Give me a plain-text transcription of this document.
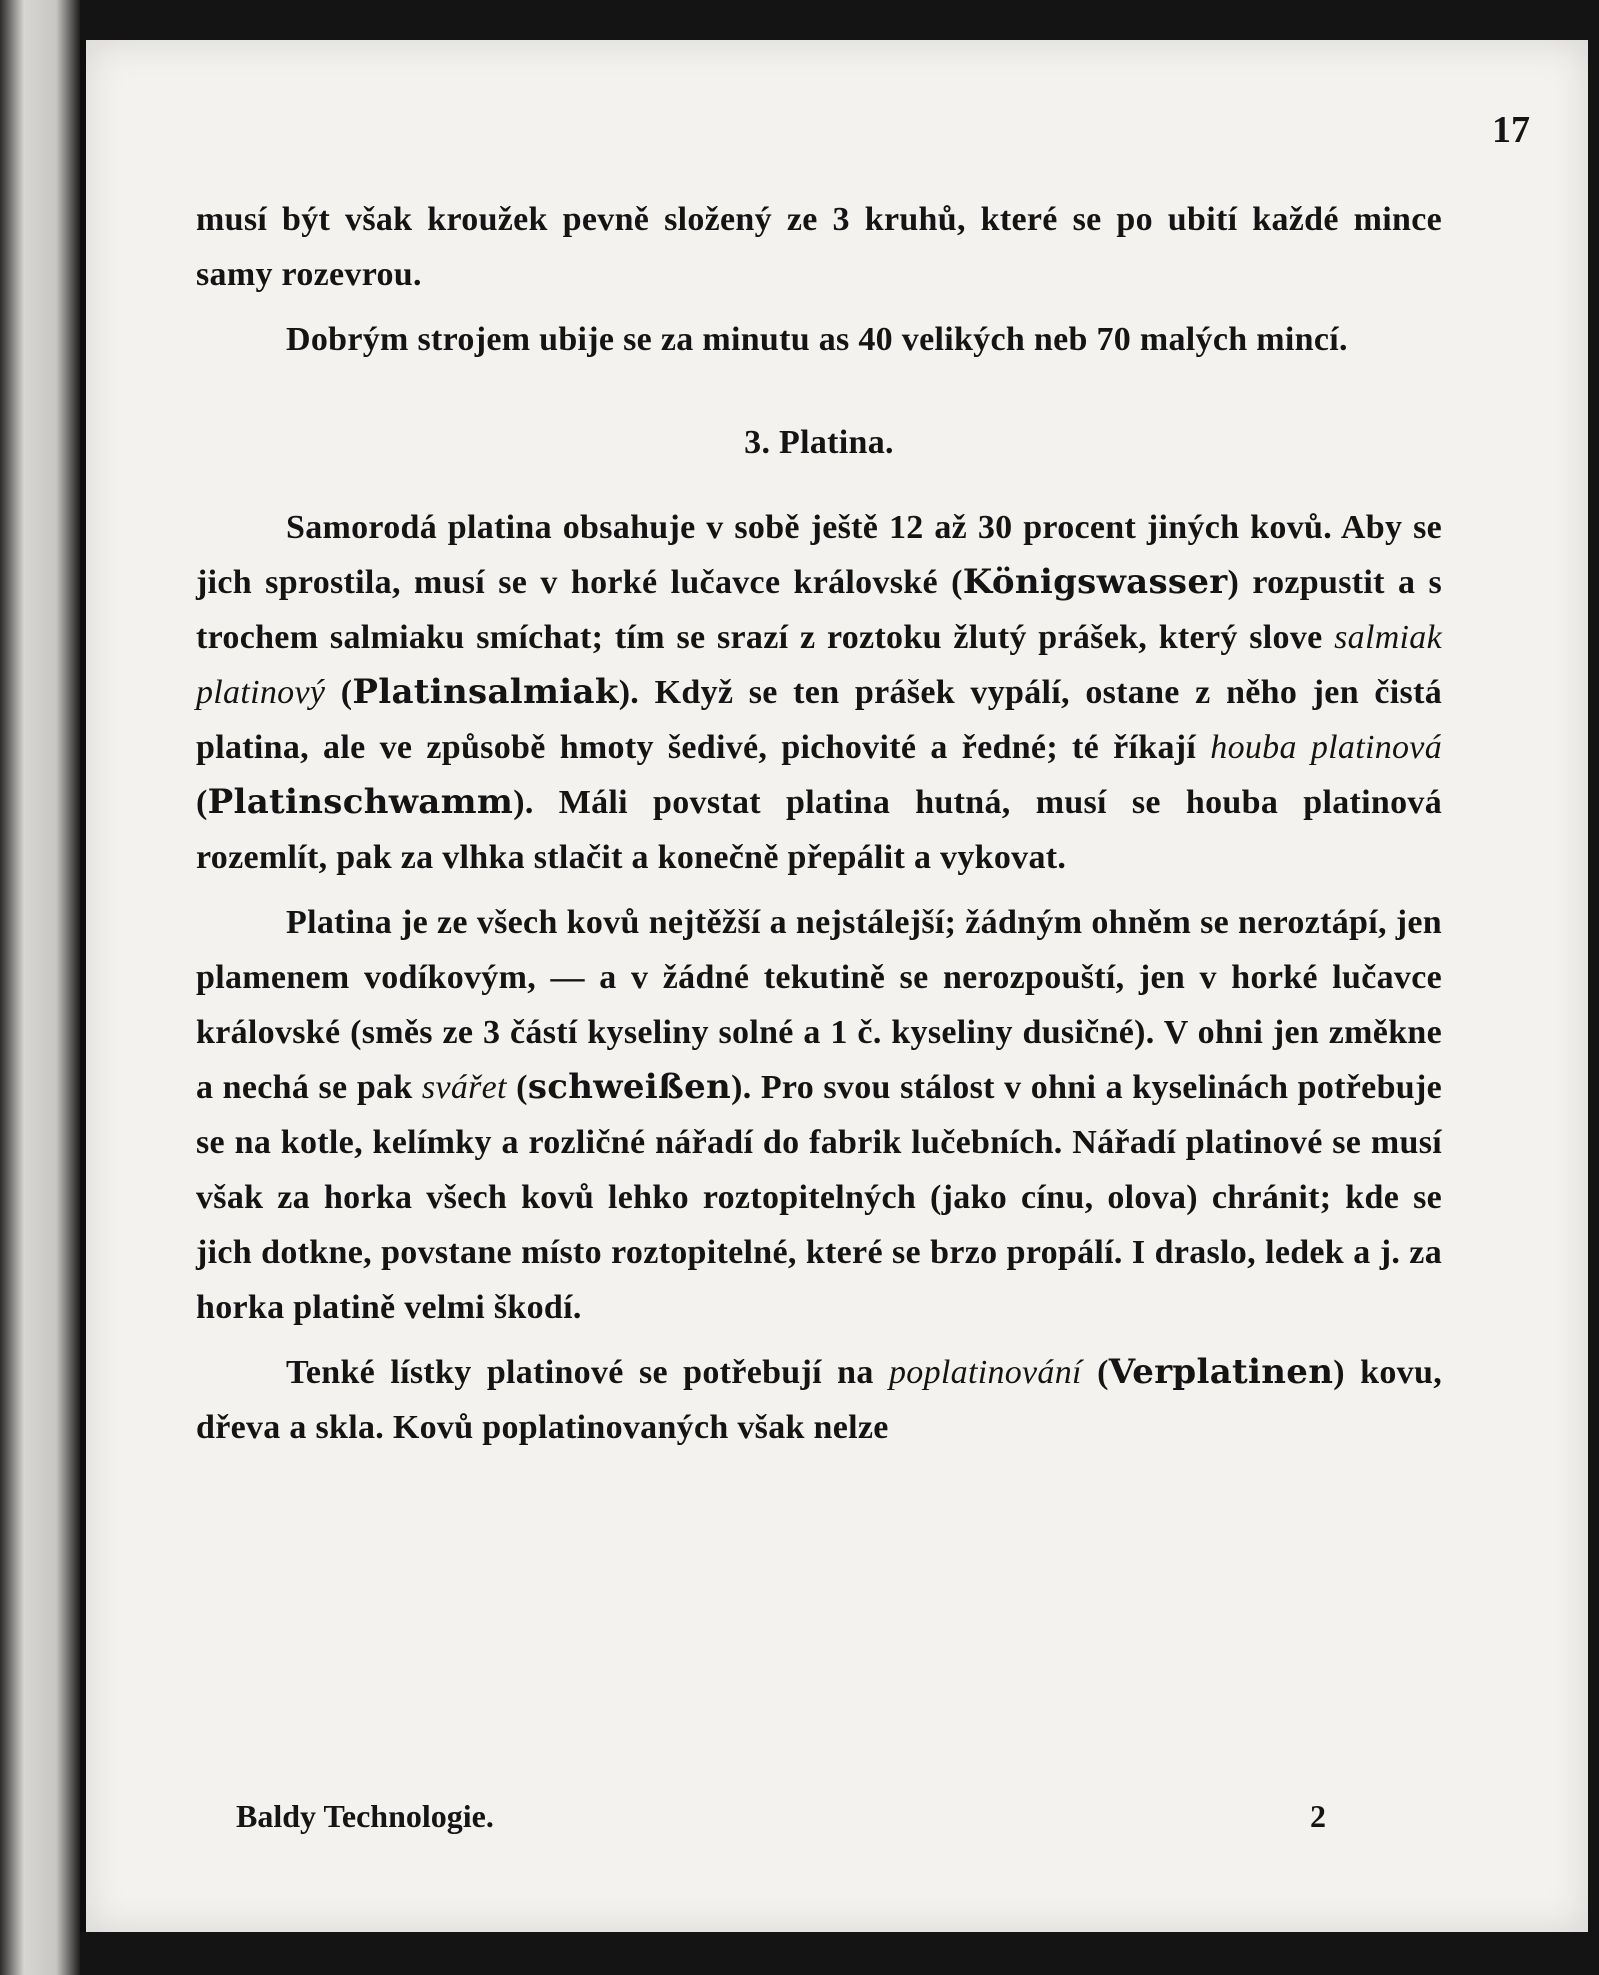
17

musí být však kroužek pevně složený ze 3 kruhů, které se po ubití každé mince samy rozevrou.

Dobrým strojem ubije se za minutu as 40 velikých neb 70 malých mincí.

3. Platina.

Samorodá platina obsahuje v sobě ještě 12 až 30 procent jiných kovů. Aby se jich sprostila, musí se v horké lučavce královské (Königswasser) rozpustit a s trochem salmiaku smíchat; tím se srazí z roztoku žlutý prášek, který slove salmiak platinový (Platinsalmiak). Když se ten prášek vypálí, ostane z něho jen čistá platina, ale ve způsobě hmoty šedivé, pichovité a ředné; té říkají houba platinová (Platinschwamm). Máli povstat platina hutná, musí se houba platinová rozemlít, pak za vlhka stlačit a konečně přepálit a vykovat.

Platina je ze všech kovů nejtěžší a nejstálejší; žádným ohněm se neroztápí, jen plamenem vodíkovým, — a v žádné tekutině se nerozpouští, jen v horké lučavce královské (směs ze 3 částí kyseliny solné a 1 č. kyseliny dusičné). V ohni jen změkne a nechá se pak svářet (schweißen). Pro svou stálost v ohni a kyselinách potřebuje se na kotle, kelímky a rozličné nářadí do fabrik lučebních. Nářadí platinové se musí však za horka všech kovů lehko roztopitelných (jako cínu, olova) chránit; kde se jich dotkne, povstane místo roztopitelné, které se brzo propálí. I draslo, ledek a j. za horka platině velmi škodí.

Tenké lístky platinové se potřebují na poplatinování (Verplatinen) kovu, dřeva a skla. Kovů poplatinovaných však nelze

Baldy Technologie.	2
